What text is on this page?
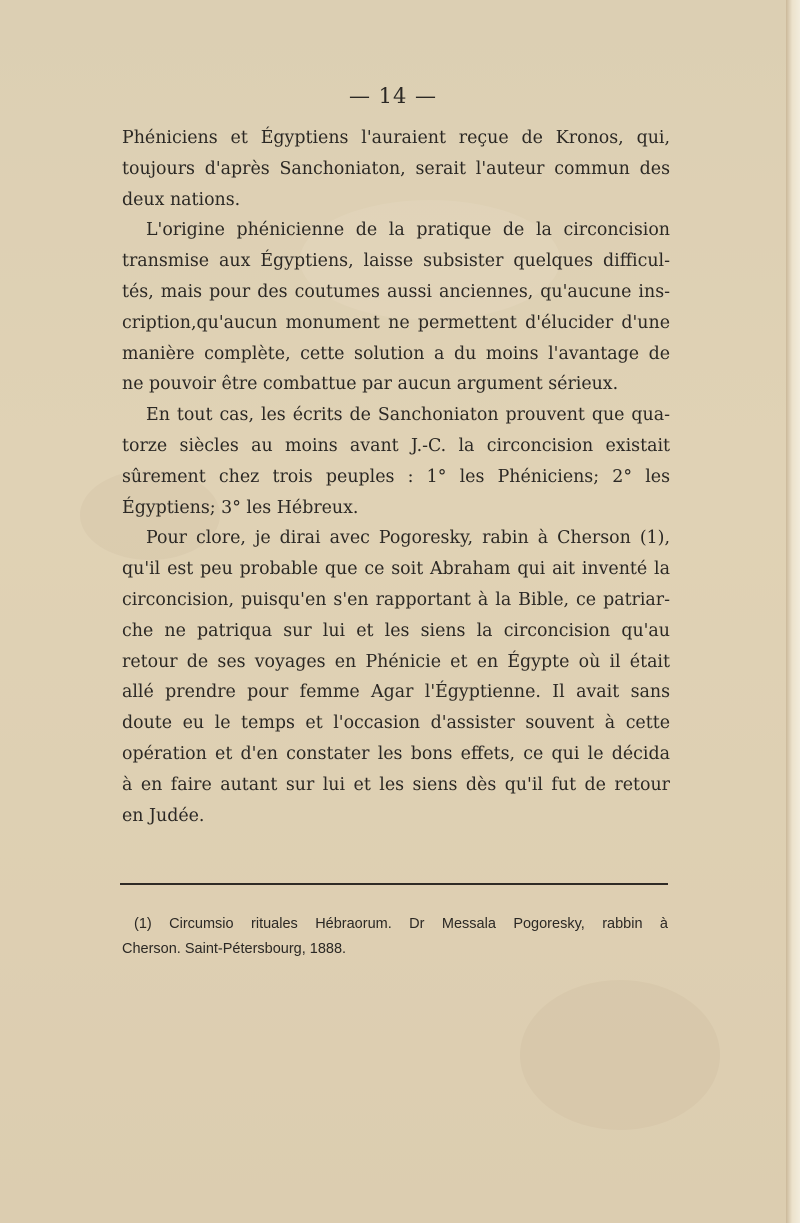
— 14 —
Phéniciens et Égyptiens l'auraient reçue de Kronos, qui,
toujours d'après Sanchoniaton, serait l'auteur commun des
deux nations.
L'origine phénicienne de la pratique de la circoncision
transmise aux Égyptiens, laisse subsister quelques difficul-
tés, mais pour des coutumes aussi anciennes, qu'aucune ins-
cription,qu'aucun monument ne permettent d'élucider d'une
manière complète, cette solution a du moins l'avantage de
ne pouvoir être combattue par aucun argument sérieux.
En tout cas, les écrits de Sanchoniaton prouvent que qua-
torze siècles au moins avant J.-C. la circoncision existait
sûrement chez trois peuples : 1° les Phéniciens; 2° les
Égyptiens; 3° les Hébreux.
Pour clore, je dirai avec Pogoresky, rabin à Cherson (1),
qu'il est peu probable que ce soit Abraham qui ait inventé la
circoncision, puisqu'en s'en rapportant à la Bible, ce patriar-
che ne patriqua sur lui et les siens la circoncision qu'au
retour de ses voyages en Phénicie et en Égypte où il était
allé prendre pour femme Agar l'Égyptienne. Il avait sans
doute eu le temps et l'occasion d'assister souvent à cette
opération et d'en constater les bons effets, ce qui le décida
à en faire autant sur lui et les siens dès qu'il fut de retour
en Judée.
(1) Circumsio rituales Hébraorum. Dr Messala Pogoresky, rabbin à
Cherson. Saint-Pétersbourg, 1888.
